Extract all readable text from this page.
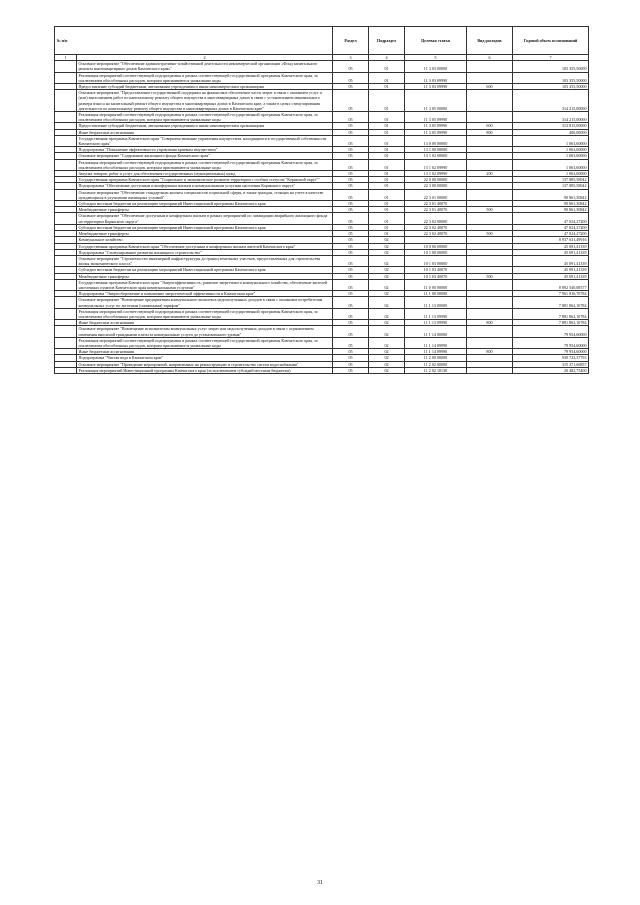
№ п/п		Раздел	Подраздел	Целевая статья	Вид расходов	Годовой объем ассигнований
1	2	3	4	5	6	7
	Основное мероприятие "Обеспечение административно-хозяйственной деятельности некоммерческой организации «Фонд капитального ремонта многоквартирных домов Камчатского края»"	05	01	11 3 03 00000		103 355,50000
	Реализация мероприятий соответствующей подпрограммы в рамках соответствующей государственной программы Камчатского края, за исключением обособленных расходов, которым присваиваются уникальные коды	05	01	11 3 03 09990		103 355,50000
	Предоставление субсидий бюджетным, автономным учреждениям и иным некоммерческим организациям	05	01	11 3 03 09990	600	103 355,50000
	Основное мероприятие "Предоставление государственной поддержки на финансовое обеспечение части затрат в связи с оказанием услуг и (или) выполнением работ по капитальному ремонту общего имущества в многоквартирных домах в связи с установлением минимального размера взноса на капитальный ремонт общего имущества в многоквартирных домах в Камчатском крае, а также в целях стимулирования деятельности по капитальному ремонту общего имущества в многоквартирных домах в Камчатском крае"	05	01	11 3 05 00000		314 215,00000
	Реализация мероприятий соответствующей подпрограммы в рамках соответствующей государственной программы Камчатского края, за исключением обособленных расходов, которым присваиваются уникальные коды	05	01	11 3 05 09990		314 215,00000
	Предоставление субсидий бюджетным, автономным учреждениям и иным некоммерческим организациям	05	01	11 3 05 09990	600	313 815,00000
	Иные бюджетные ассигнования	05	01	11 3 05 09990	800	400,00000
	Государственная программа Камчатского края "Совершенствование управления имуществом, находящимся в государственной собственности Камчатского края"	05	01	13 0 00 00000		1 063,60000
	Подпрограмма "Повышение эффективности управления краевым имуществом"	05	01	13 1 00 00000		1 063,60000
	Основное мероприятие "Содержание жилищного фонда Камчатского края"	05	01	13 1 02 00000		1 063,60000
	Реализация мероприятий соответствующей подпрограммы в рамках соответствующей государственной программы Камчатского края, за исключением обособленных расходов, которым присваиваются уникальные коды	05	01	13 1 02 09990		1 063,60000
	Закупка товаров, работ и услуг для обеспечения государственных (муниципальных) нужд	05	01	13 1 02 09990	200	1 063,60000
	Государственная программа Камчатского края "Социальное и экономическое развитие территории с особым статусом "Корякский округ""	05	01	22 0 00 00000		137 885,58042
	Подпрограмма "Обеспечение доступным и комфортным жильем и коммунальными услугами населения Корякского округа"	05	01	22 3 00 00000		137 885,58042
	Основное мероприятие "Обеспечение стандартным жильем специалистов социальной сферы, в также граждан, стоящих на учете в качестве нуждающихся в улучшении жилищных условий"	05	01	22 3 01 00000		90 861,30842
	Субсидии местным бюджетам на реализацию мероприятий Инвестиционной программы Камчатского края	05	01	22 3 01 40070		90 861,30842
	Межбюджетные трансферты	05	01	22 3 01 40070	500	90 861,30842
	Основное мероприятие "Обеспечение доступным и комфортным жильем в рамках мероприятий по ликвидации аварийного жилищного фонда на территории Корякского округа"	05	01	22 3 02 00000		47 024,27200
	Субсидии местным бюджетам на реализацию мероприятий Инвестиционной программы Камчатского края	05	01	22 3 02 40070		47 024,27200
	Межбюджетные трансферты	05	01	22 3 02 40070	500	47 024,27200
	Коммунальное хозяйство	05	02			8 937 631,49916
	Государственная программа Камчатского края "Обеспечение доступным и комфортным жильем жителей Камчатского края"	05	02	10 0 00 00000		45 091,41339
	Подпрограмма "Стимулирование развития жилищного строительства"	05	02	10 1 00 00000		45 091,41339
	Основное мероприятие "Строительство инженерной инфраструктуры до границ земельных участков, предоставленных для строительства жилья экономического класса"	05	02	10 1 03 00000		45 091,41339
	Субсидии местным бюджетам на реализацию мероприятий Инвестиционной программы Камчатского края	05	02	10 1 03 40070		45 091,41339
	Межбюджетные трансферты	05	02	10 1 03 40070	500	45 091,41339
	Государственная программа Камчатского края "Энергоэффективность, развитие энергетики и коммунального хозяйства, обеспечение жителей населенных пунктов Камчатского края коммунальными услугами"	05	02	11 0 00 00000		8 892 540,08577
	Подпрограмма "Энергосбережение и повышение энергетической эффективности в Камчатском крае"	05	02	11 1 00 00000		7 961 816,70784
	Основное мероприятие "Возмещение предприятиям коммунального комплекса недополученных доходов в связи с оказанием потребителям коммунальных услуг по льготным (сниженным) тарифам"	05	02	11 1 13 00000		7 881 862,10784
	Реализация мероприятий соответствующей подпрограммы в рамках соответствующей государственной программы Камчатского края, за исключением обособленных расходов, которым присваиваются уникальные коды	05	02	11 1 13 09990		7 881 862,10784
	Иные бюджетные ассигнования	05	02	11 1 13 09990	800	7 881 862,10784
	Основное мероприятие "Возмещение исполнителям коммунальных услуг затрат или недополученных доходов в связи с ограничением изменения вносимой гражданами платы за коммунальные услуги до установленного уровня"	05	02	11 1 14 00000		79 954,60000
	Реализация мероприятий соответствующей подпрограммы в рамках соответствующей государственной программы Камчатского края, за исключением обособленных расходов, которым присваиваются уникальные коды	05	02	11 1 14 09990		79 954,60000
	Иные бюджетные ассигнования	05	02	11 1 14 09990	800	79 954,60000
	Подпрограмма "Чистая вода в Камчатском крае"	05	02	11 2 00 00000		930 723,37793
	Основное мероприятие "Проведение мероприятий, направленных на реконструкцию и строительство систем водоснабжения"	05	02	11 2 02 00000		315 271,66857
	Реализация мероприятий Инвестиционной программы Камчатского края (за исключением субсидий местным бюджетам)	05	02	11 2 02 10130		20 482,75400
31
